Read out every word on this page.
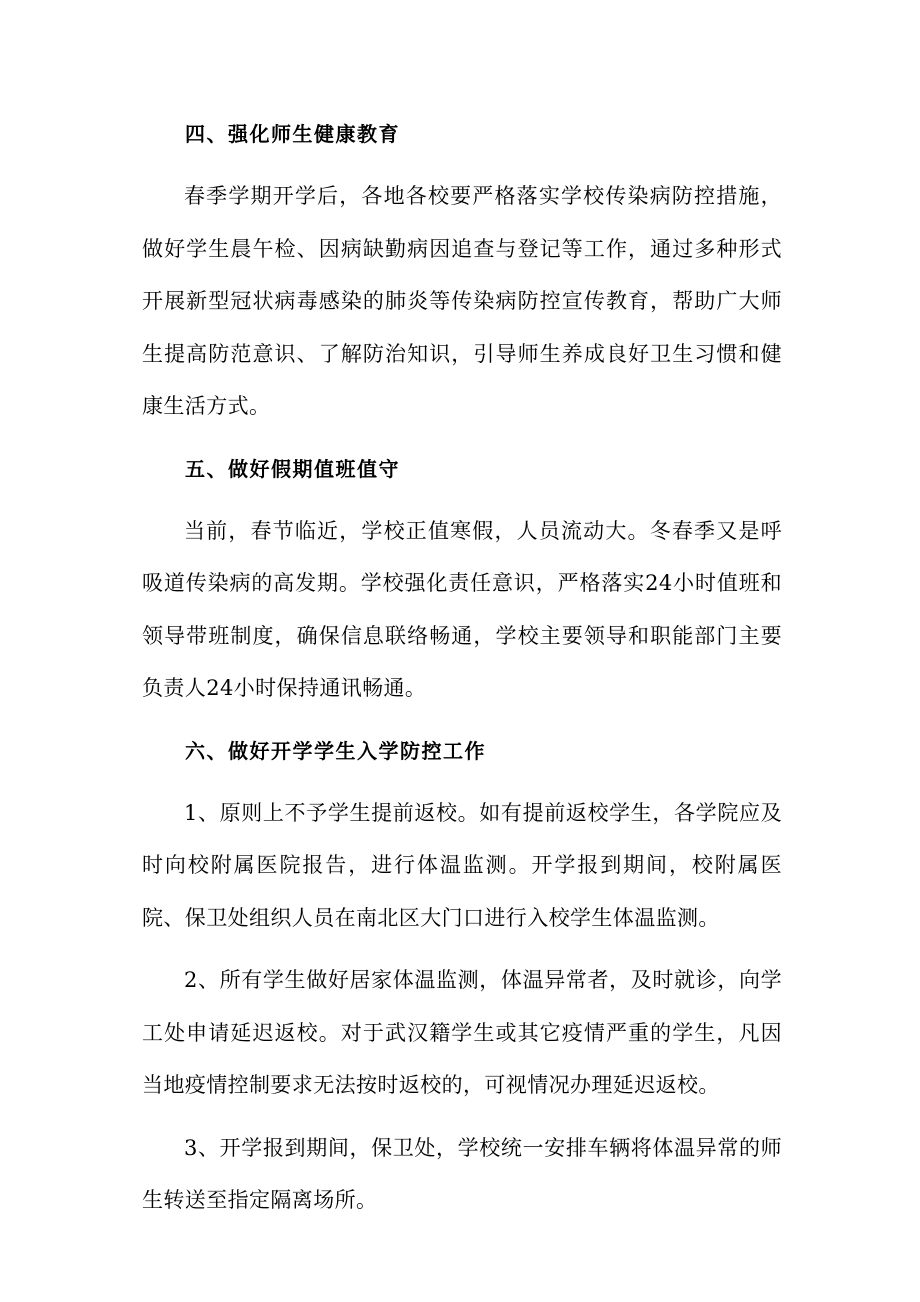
四、强化师生健康教育

春季学期开学后，各地各校要严格落实学校传染病防控措施，做好学生晨午检、因病缺勤病因追查与登记等工作，通过多种形式开展新型冠状病毒感染的肺炎等传染病防控宣传教育，帮助广大师生提高防范意识、了解防治知识，引导师生养成良好卫生习惯和健康生活方式。

五、做好假期值班值守

当前，春节临近，学校正值寒假，人员流动大。冬春季又是呼吸道传染病的高发期。学校强化责任意识，严格落实24小时值班和领导带班制度，确保信息联络畅通，学校主要领导和职能部门主要负责人24小时保持通讯畅通。

六、做好开学学生入学防控工作

1、原则上不予学生提前返校。如有提前返校学生，各学院应及时向校附属医院报告，进行体温监测。开学报到期间，校附属医院、保卫处组织人员在南北区大门口进行入校学生体温监测。

2、所有学生做好居家体温监测，体温异常者，及时就诊，向学工处申请延迟返校。对于武汉籍学生或其它疫情严重的学生，凡因当地疫情控制要求无法按时返校的，可视情况办理延迟返校。

3、开学报到期间，保卫处，学校统一安排车辆将体温异常的师生转送至指定隔离场所。
